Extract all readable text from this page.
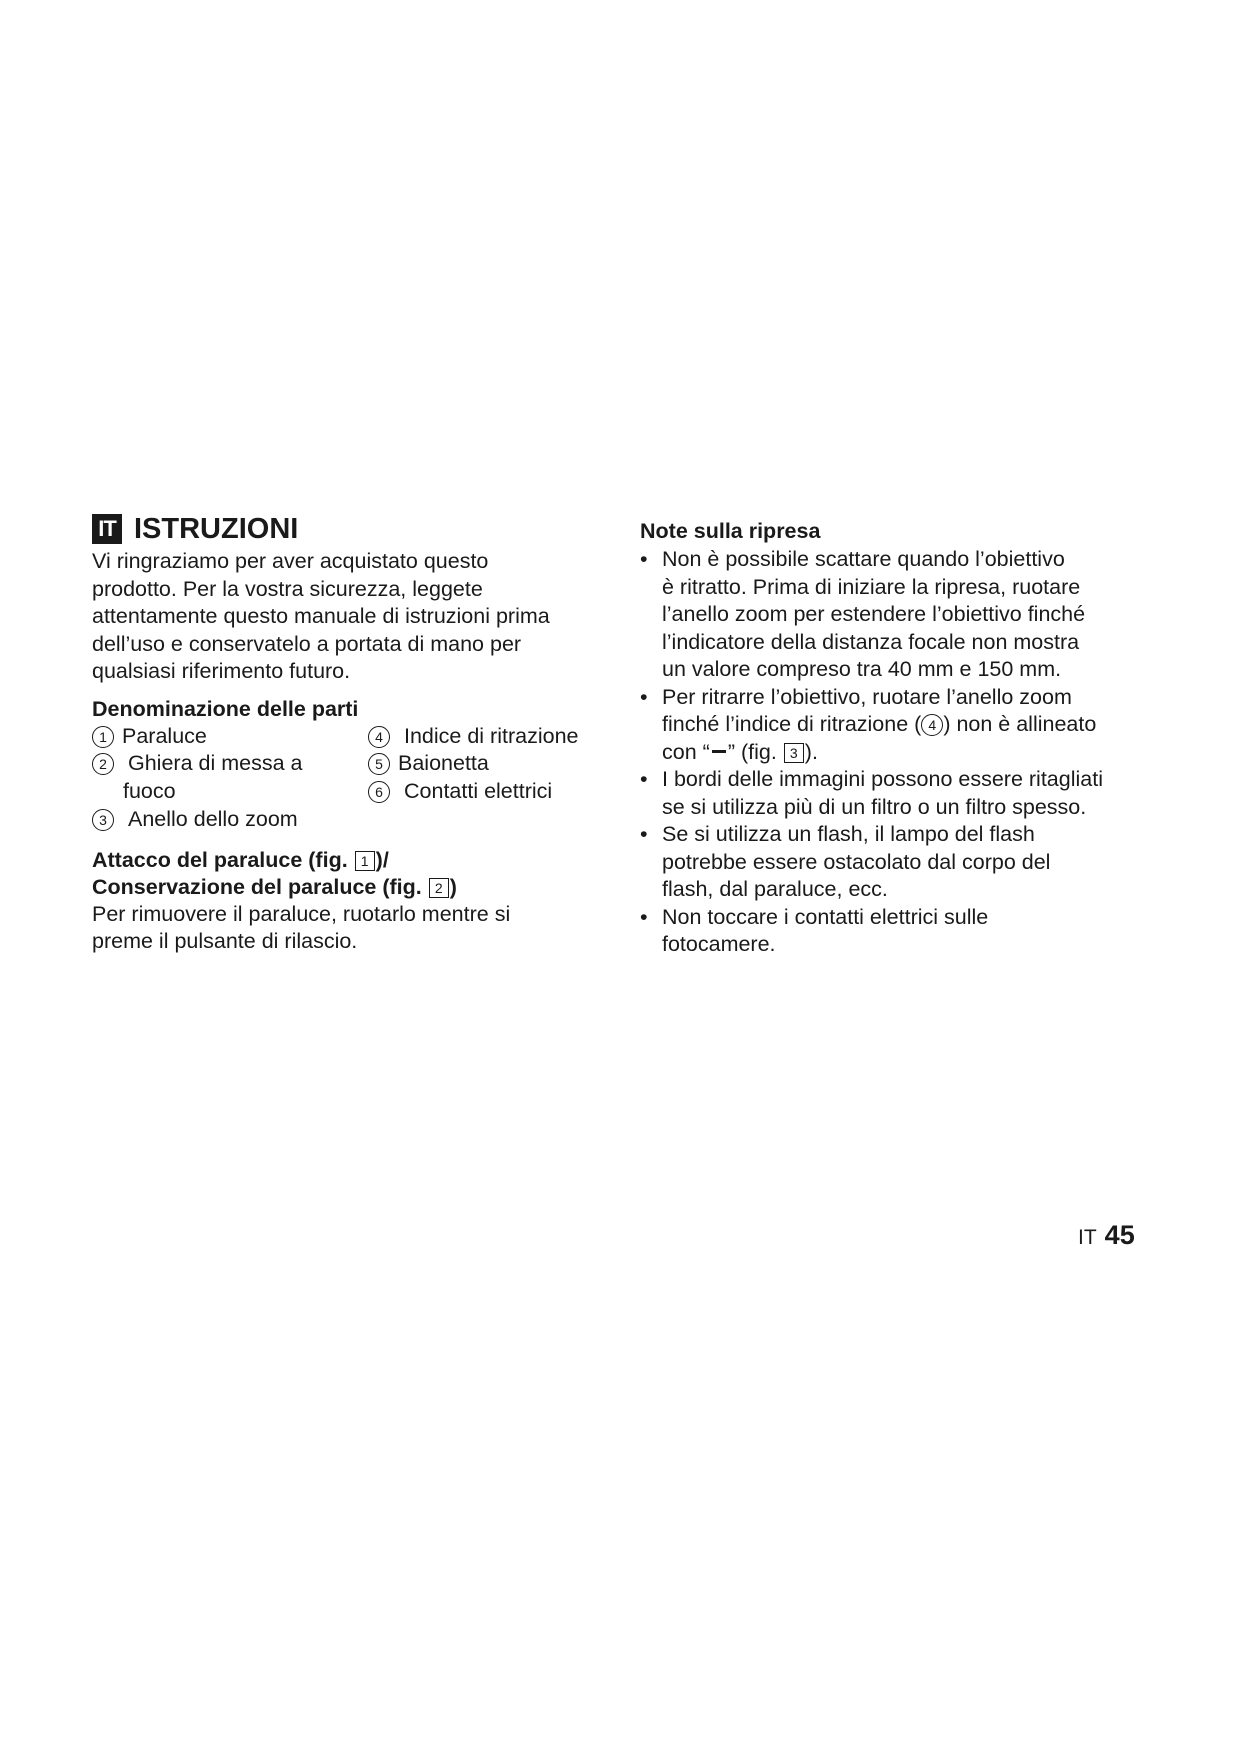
IT ISTRUZIONI
Vi ringraziamo per aver acquistato questo
prodotto. Per la vostra sicurezza, leggete
attentamente questo manuale di istruzioni prima
dell’uso e conservatelo a portata di mano per
qualsiasi riferimento futuro.
Denominazione delle parti
1 Paraluce
2 Ghiera di messa a
fuoco
3 Anello dello zoom
4 Indice di ritrazione
5 Baionetta
6 Contatti elettrici
Attacco del paraluce (fig. 1 )/
Conservazione del paraluce (fig. 2 )
Per rimuovere il paraluce, ruotarlo mentre si
preme il pulsante di rilascio.
Note sulla ripresa
• Non è possibile scattare quando l’obiettivo
è ritratto. Prima di iniziare la ripresa, ruotare
l’anello zoom per estendere l’obiettivo finché
l’indicatore della distanza focale non mostra
un valore compreso tra 40 mm e 150 mm.
• Per ritrarre l’obiettivo, ruotare l’anello zoom
finché l’indice di ritrazione ( 4 ) non è allineato
con “ ” (fig. 3 ).
• I bordi delle immagini possono essere ritagliati
se si utilizza più di un filtro o un filtro spesso.
• Se si utilizza un flash, il lampo del flash
potrebbe essere ostacolato dal corpo del
flash, dal paraluce, ecc.
• Non toccare i contatti elettrici sulle
fotocamere.
IT 45
